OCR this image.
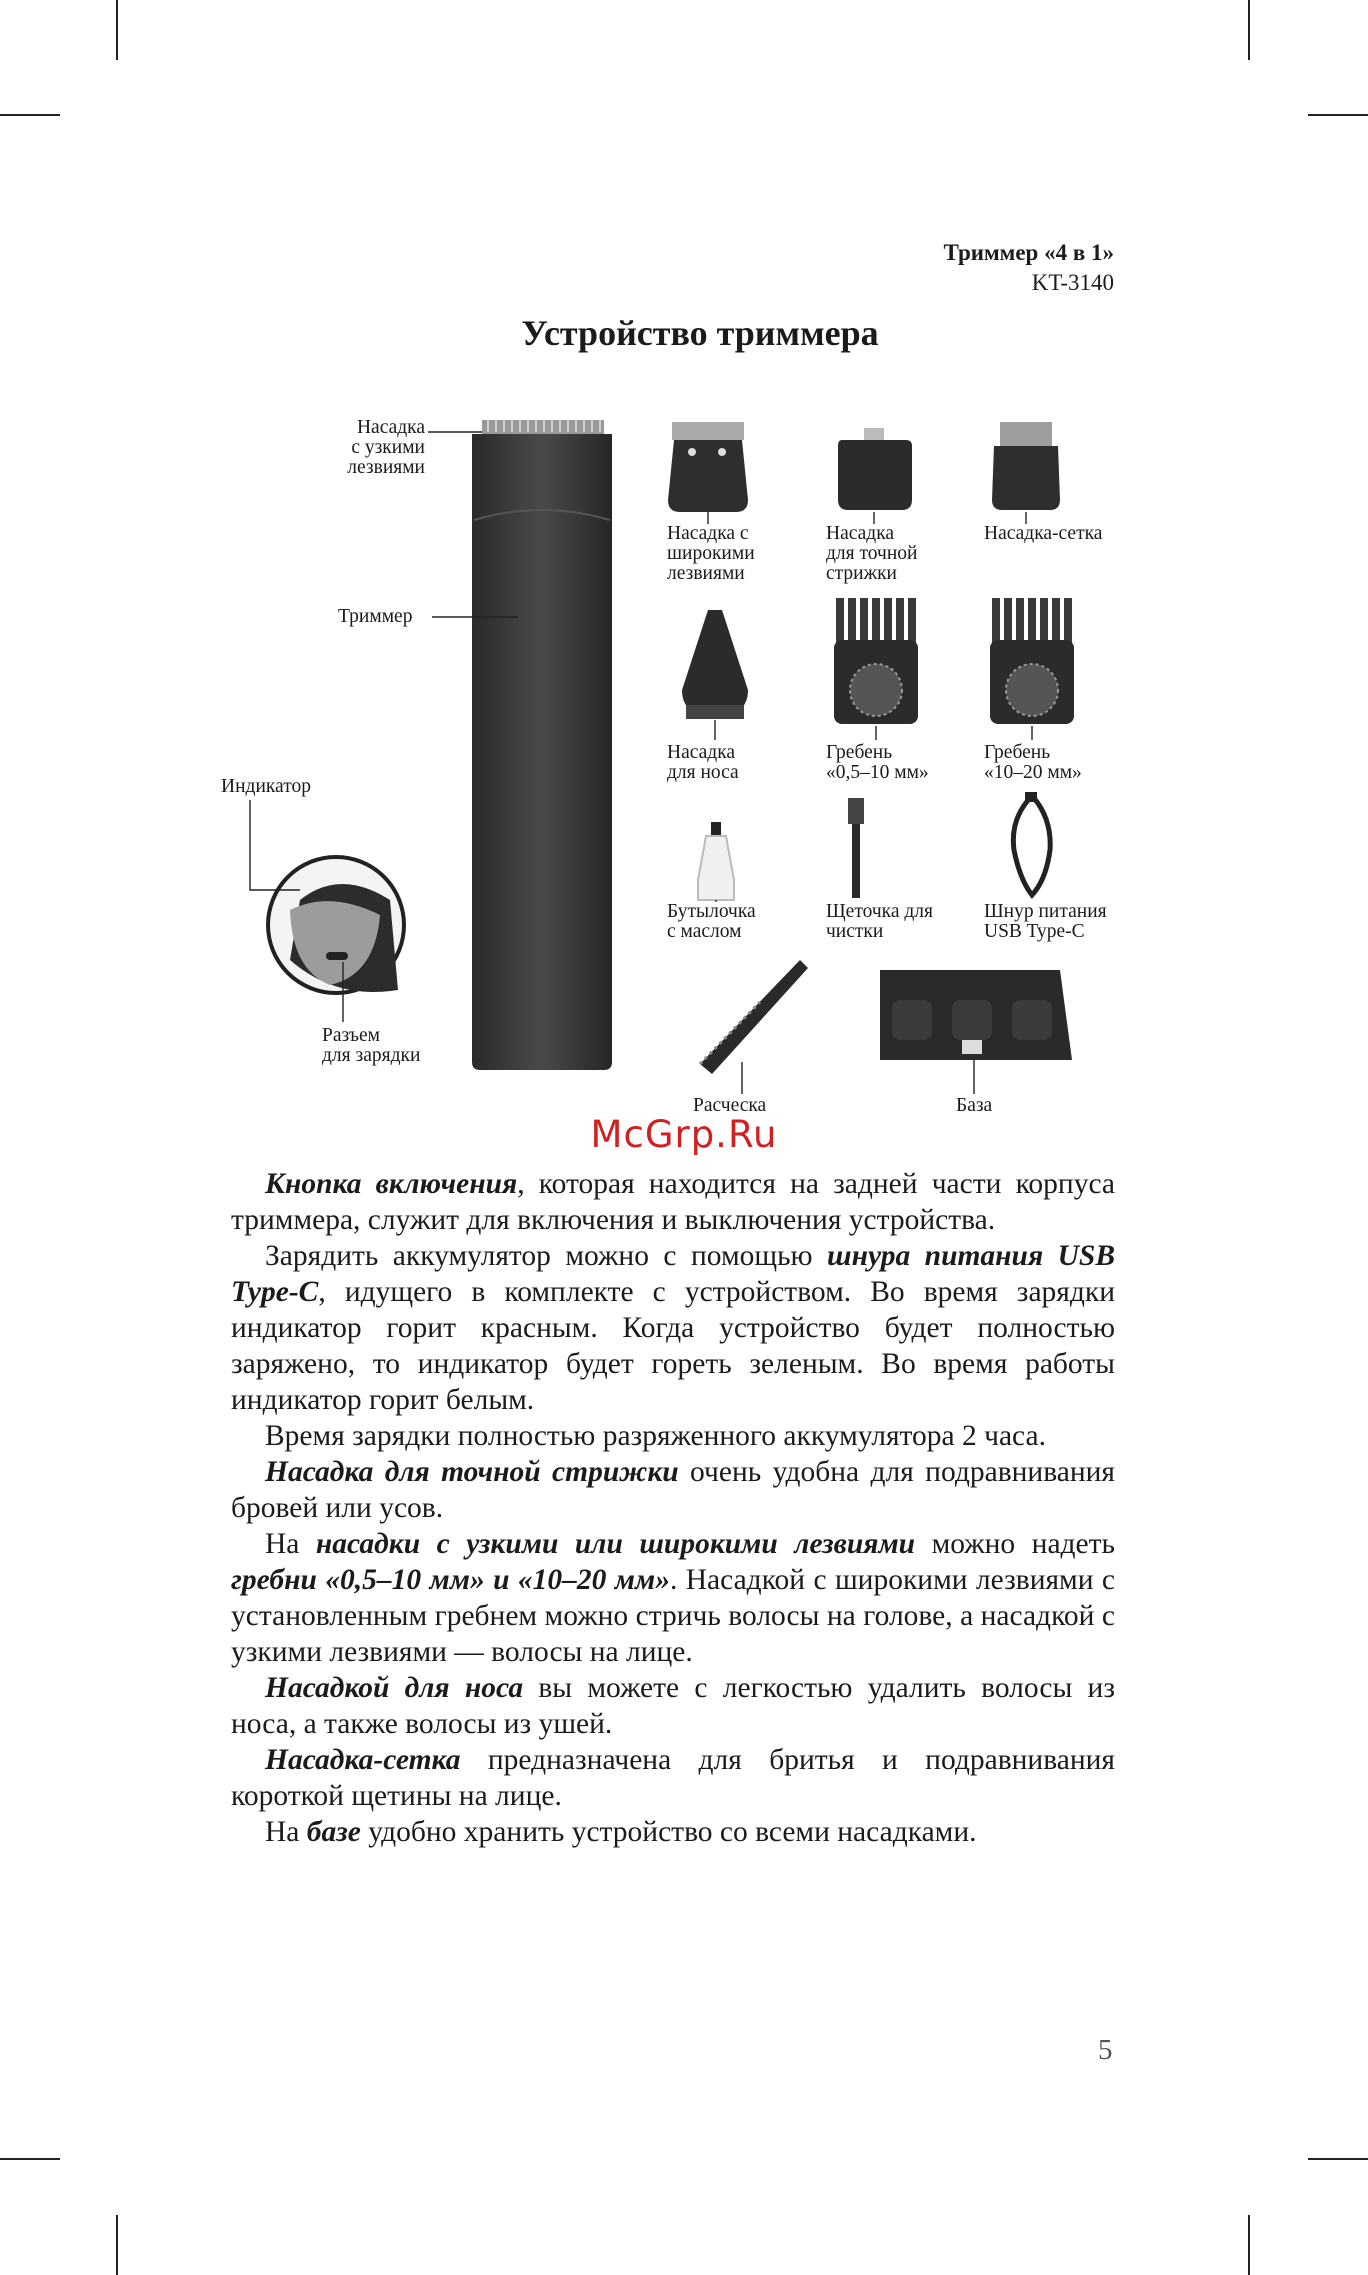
Триммер «4 в 1»
KT-3140
Устройство триммера
Насадка
с узкими
лезвиями
Триммер
Индикатор
Разъем
для зарядки
Насадка с
широкими
лезвиями
Насадка
для точной
стрижки
Насадка-сетка
Насадка
для носа
Гребень
«0,5–10 мм»
Гребень
«10–20 мм»
Бутылочка
с маслом
Щеточка для
чистки
Шнур питания
USB Type-C
Расческа	База
McGrp.Ru

Кнопка включения, которая находится на задней части корпуса триммера, служит для включения и выключения устройства.

Зарядить аккумулятор можно с помощью шнура питания USB Type-C, идущего в комплекте с устройством. Во время зарядки индикатор горит красным. Когда устройство будет полностью заряжено, то индикатор будет гореть зеленым. Во время работы индикатор горит белым.

Время зарядки полностью разряженного аккумулятора 2 часа.

Насадка для точной стрижки очень удобна для подравнивания бровей или усов.

На насадки с узкими или широкими лезвиями можно надеть гребни «0,5–10 мм» и «10–20 мм». Насадкой с широкими лезвиями с установленным гребнем можно стричь волосы на голове, а насадкой с узкими лезвиями — волосы на лице.

Насадкой для носа вы можете с легкостью удалить волосы из носа, а также волосы из ушей.

Насадка-сетка предназначена для бритья и подравнивания короткой щетины на лице.

На базе удобно хранить устройство со всеми насадками.

5
